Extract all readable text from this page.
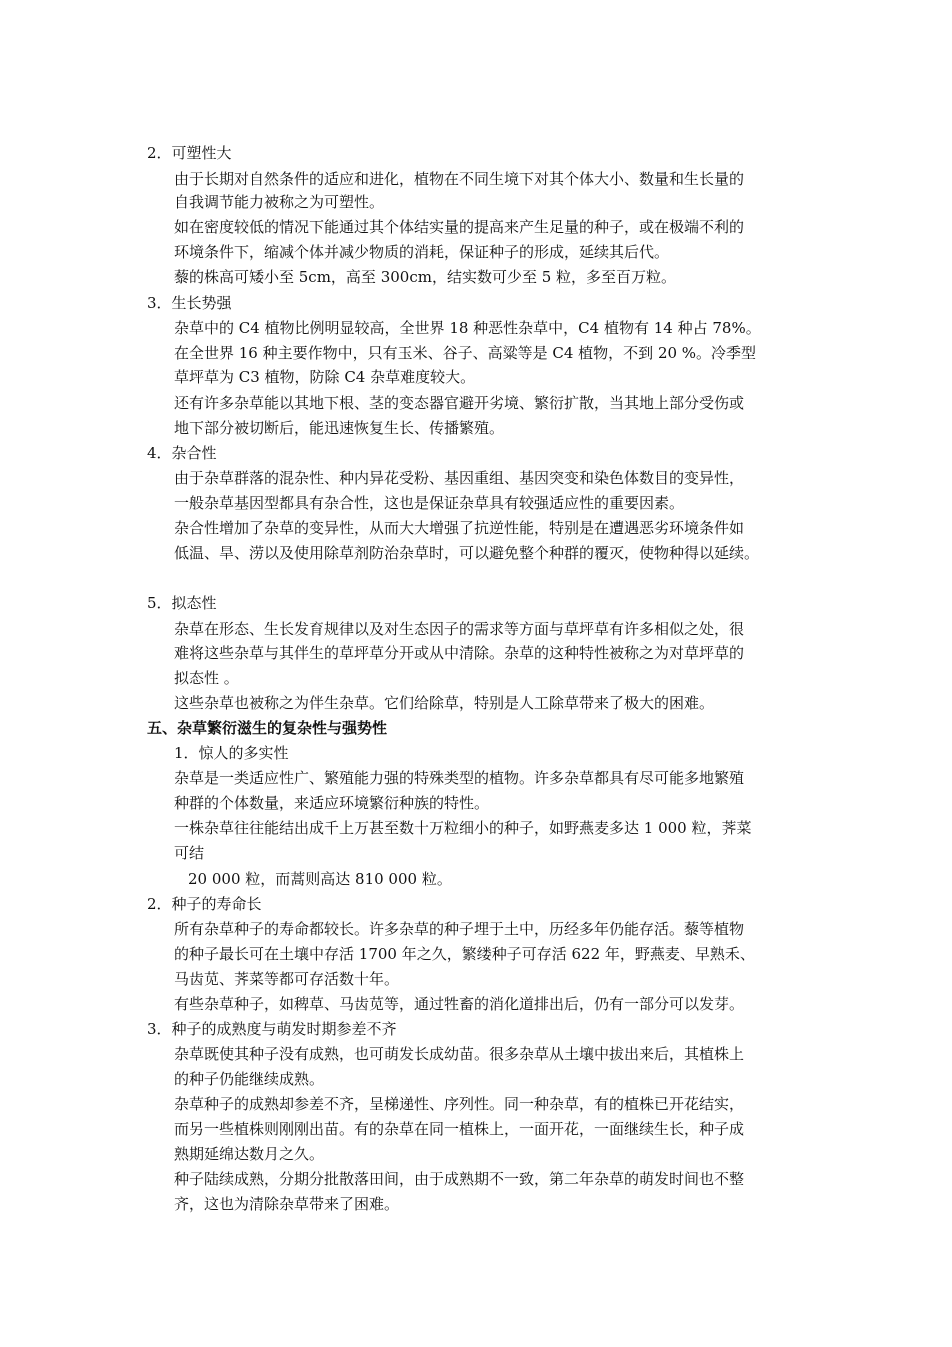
2．可塑性大
由于长期对自然条件的适应和进化，植物在不同生境下对其个体大小、数量和生长量的
自我调节能力被称之为可塑性。
如在密度较低的情况下能通过其个体结实量的提高来产生足量的种子，或在极端不利的
环境条件下，缩减个体并减少物质的消耗，保证种子的形成，延续其后代。
藜的株高可矮小至 5cm，高至 300cm，结实数可少至 5 粒，多至百万粒。
3．生长势强
杂草中的 C4 植物比例明显较高，全世界 18 种恶性杂草中，C4 植物有 14 种占 78%。
在全世界 16 种主要作物中，只有玉米、谷子、高粱等是 C4 植物，不到 20 %。冷季型
草坪草为 C3 植物，防除 C4 杂草难度较大。
还有许多杂草能以其地下根、茎的变态器官避开劣境、繁衍扩散，当其地上部分受伤或
地下部分被切断后，能迅速恢复生长、传播繁殖。
4．杂合性
由于杂草群落的混杂性、种内异花受粉、基因重组、基因突变和染色体数目的变异性，
一般杂草基因型都具有杂合性，这也是保证杂草具有较强适应性的重要因素。
杂合性增加了杂草的变异性，从而大大增强了抗逆性能，特别是在遭遇恶劣环境条件如
低温、旱、涝以及使用除草剂防治杂草时，可以避免整个种群的覆灭，使物种得以延续。
5．拟态性
杂草在形态、生长发育规律以及对生态因子的需求等方面与草坪草有许多相似之处，很
难将这些杂草与其伴生的草坪草分开或从中清除。杂草的这种特性被称之为对草坪草的
拟态性 。
这些杂草也被称之为伴生杂草。它们给除草，特别是人工除草带来了极大的困难。
五、杂草繁衍滋生的复杂性与强势性
1．惊人的多实性
杂草是一类适应性广、繁殖能力强的特殊类型的植物。许多杂草都具有尽可能多地繁殖
种群的个体数量，来适应环境繁衍种族的特性。
一株杂草往往能结出成千上万甚至数十万粒细小的种子，如野燕麦多达 1 000 粒，荠菜
可结
20 000 粒，而蒿则高达 810 000 粒。
2．种子的寿命长
所有杂草种子的寿命都较长。许多杂草的种子埋于土中，历经多年仍能存活。藜等植物
的种子最长可在土壤中存活 1700 年之久，繁缕种子可存活 622 年，野燕麦、早熟禾、
马齿苋、荠菜等都可存活数十年。
有些杂草种子，如稗草、马齿苋等，通过牲畜的消化道排出后，仍有一部分可以发芽。
3．种子的成熟度与萌发时期参差不齐
杂草既使其种子没有成熟，也可萌发长成幼苗。很多杂草从土壤中拔出来后，其植株上
的种子仍能继续成熟。
杂草种子的成熟却参差不齐，呈梯递性、序列性。同一种杂草，有的植株已开花结实，
而另一些植株则刚刚出苗。有的杂草在同一植株上，一面开花，一面继续生长，种子成
熟期延绵达数月之久。
种子陆续成熟，分期分批散落田间，由于成熟期不一致，第二年杂草的萌发时间也不整
齐，这也为清除杂草带来了困难。
